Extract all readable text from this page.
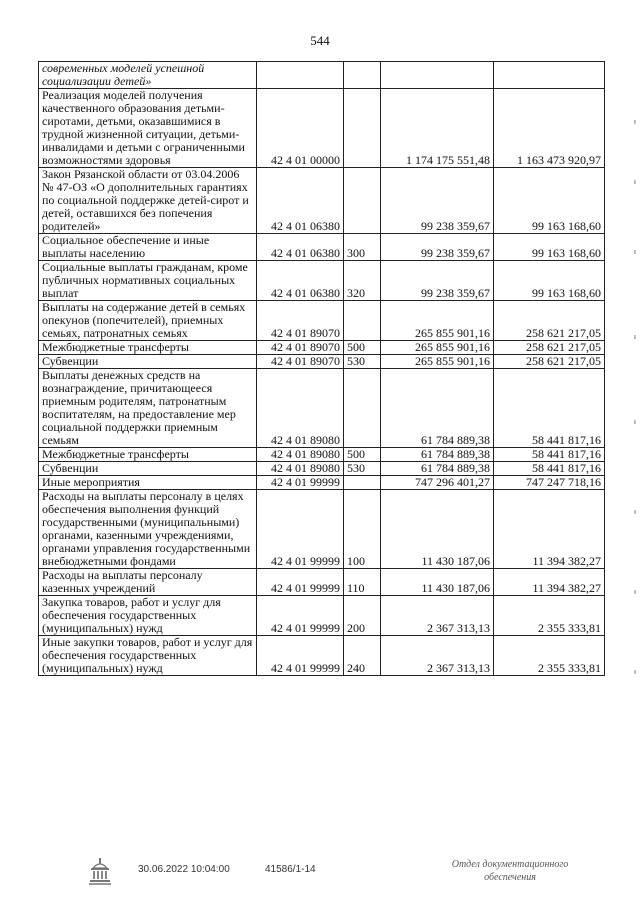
544
современных моделей успешной социализации детей»				
Реализация моделей получения качественного образования детьми-сиротами, детьми, оказавшимися в трудной жизненной ситуации, детьми-инвалидами и детьми с ограниченными возможностями здоровья	42 4 01 00000		1 174 175 551,48	1 163 473 920,97
Закон Рязанской области от 03.04.2006 № 47-ОЗ «О дополнительных гарантиях по социальной поддержке детей-сирот и детей, оставшихся без попечения родителей»	42 4 01 06380		99 238 359,67	99 163 168,60
Социальное обеспечение и иные выплаты населению	42 4 01 06380	300	99 238 359,67	99 163 168,60
Социальные выплаты гражданам, кроме публичных нормативных социальных выплат	42 4 01 06380	320	99 238 359,67	99 163 168,60
Выплаты на содержание детей в семьях опекунов (попечителей), приемных семьях, патронатных семьях	42 4 01 89070		265 855 901,16	258 621 217,05
Межбюджетные трансферты	42 4 01 89070	500	265 855 901,16	258 621 217,05
Субвенции	42 4 01 89070	530	265 855 901,16	258 621 217,05
Выплаты денежных средств на вознаграждение, причитающееся приемным родителям, патронатным воспитателям, на предоставление мер социальной поддержки приемным семьям	42 4 01 89080		61 784 889,38	58 441 817,16
Межбюджетные трансферты	42 4 01 89080	500	61 784 889,38	58 441 817,16
Субвенции	42 4 01 89080	530	61 784 889,38	58 441 817,16
Иные мероприятия	42 4 01 99999		747 296 401,27	747 247 718,16
Расходы на выплаты персоналу в целях обеспечения выполнения функций государственными (муниципальными) органами, казенными учреждениями, органами управления государственными внебюджетными фондами	42 4 01 99999	100	11 430 187,06	11 394 382,27
Расходы на выплаты персоналу казенных учреждений	42 4 01 99999	110	11 430 187,06	11 394 382,27
Закупка товаров, работ и услуг для обеспечения государственных (муниципальных) нужд	42 4 01 99999	200	2 367 313,13	2 355 333,81
Иные закупки товаров, работ и услуг для обеспечения государственных (муниципальных) нужд	42 4 01 99999	240	2 367 313,13	2 355 333,81
30.06.2022 10:04:00	41586/1-14	Отдел документационного обеспечения
